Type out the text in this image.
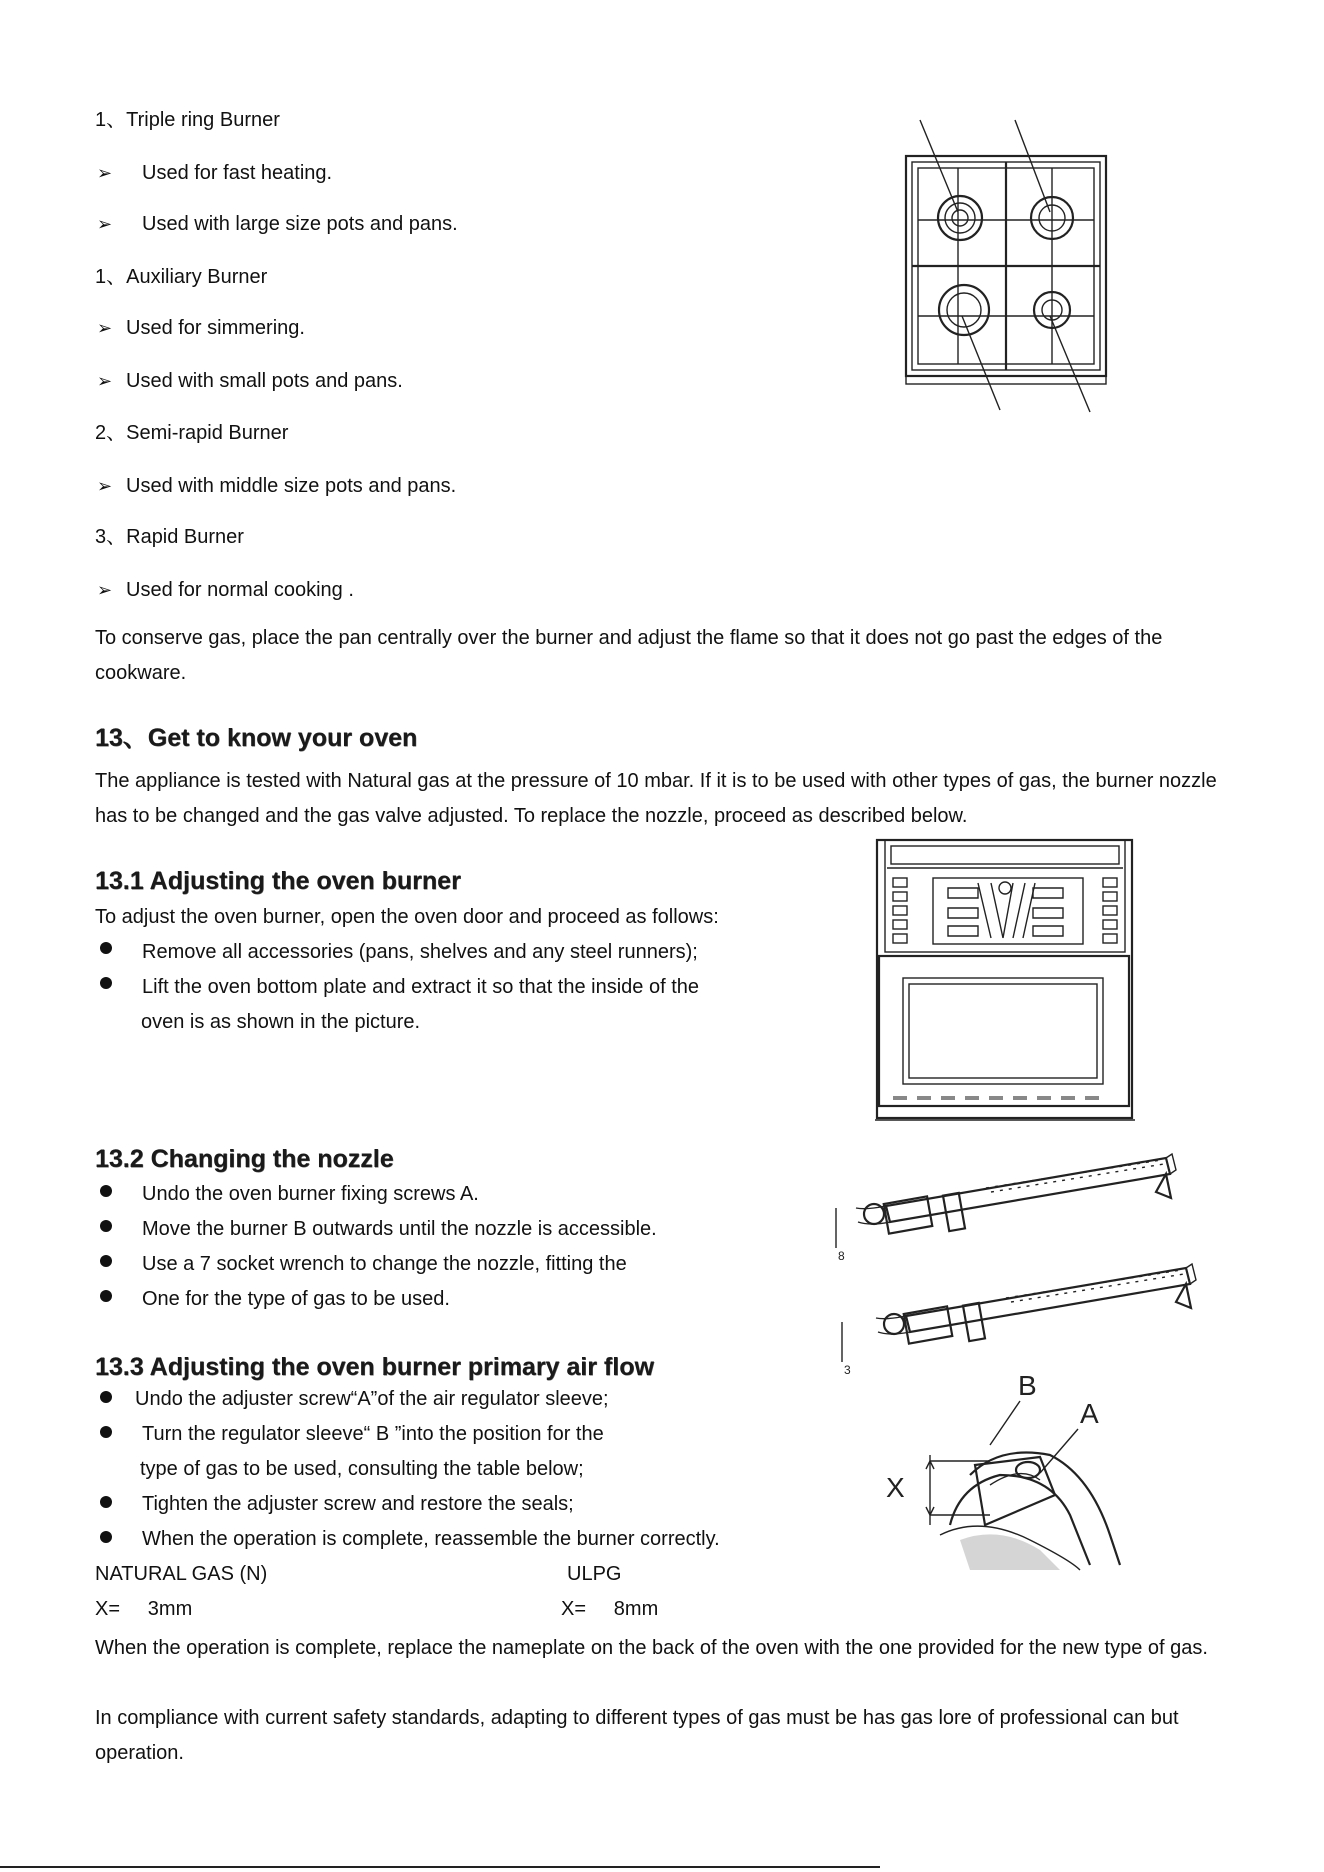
1、Triple ring Burner
➢ Used for fast heating.
➢ Used with large size pots and pans.
1、Auxiliary Burner
➢ Used for simmering.
➢ Used with small pots and pans.
2、Semi-rapid Burner
➢ Used with middle size pots and pans.
3、Rapid Burner
➢ Used for normal cooking .
To conserve gas, place the pan centrally over the burner and adjust the flame so that it does not go past the edges of the cookware.
13、Get to know your oven
The appliance is tested with Natural gas at the pressure of 10 mbar. If it is to be used with other types of gas, the burner nozzle has to be changed and the gas valve adjusted. To replace the nozzle, proceed as described below.
13.1 Adjusting the oven burner
To adjust the oven burner, open the oven door and proceed as follows:
Remove all accessories (pans, shelves and any steel runners);
Lift the oven bottom plate and extract it so that the inside of the
oven is as shown in the picture.
13.2 Changing the nozzle
Undo the oven burner fixing screws A.
Move the burner B outwards until the nozzle is accessible.
Use a 7 socket wrench to change the nozzle, fitting the
One for the type of gas to be used.
8
3
13.3 Adjusting the oven burner primary air flow
Undo the adjuster screw“A”of the air regulator sleeve;
Turn the regulator sleeve“ B ”into the position for the
type of gas to be used, consulting the table below;
Tighten the adjuster screw and restore the seals;
When the operation is complete, reassemble the burner correctly.
NATURAL GAS (N)	ULPG
X=     3mm	X=     8mm
B
A
X
When the operation is complete, replace the nameplate on the back of the oven with the one provided for the new type of gas.
In compliance with current safety standards, adapting to different types of gas must be has gas lore of professional can but operation.
